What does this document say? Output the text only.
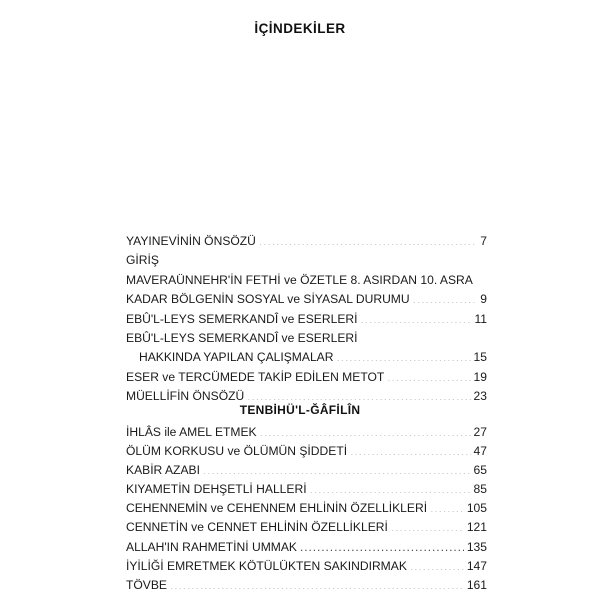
İÇİNDEKİLER
YAYINEVİNİN ÖNSÖZÜ .....	7
GİRİŞ
MAVERAÜNNEHR'İN FETHİ ve ÖZETLE 8. ASIRDAN 10. ASRA
KADAR BÖLGENİN SOSYAL ve SİYASAL DURUMU .....	9
EBÛ'L-LEYS SEMERKANDÎ ve ESERLERİ .....	11
EBÛ'L-LEYS SEMERKANDÎ ve ESERLERİ
HAKKINDA YAPILAN ÇALIŞMALAR .....	15
ESER ve TERCÜMEDE TAKİP EDİLEN METOT .....	19
MÜELLİFİN ÖNSÖZÜ .....	23
TENBİHÜ'L-ĞÂFİLÎN
İHLÂS ile AMEL ETMEK .....	27
ÖLÜM KORKUSU ve ÖLÜMÜN ŞİDDETİ .....	47
KABİR AZABI .....	65
KIYAMETİN DEHŞETLİ HALLERİ .....	85
CEHENNEMİN ve CEHENNEM EHLİNİN ÖZELLİKLERİ .....	105
CENNETİN ve CENNET EHLİNİN ÖZELLİKLERİ .....	121
ALLAH'IN RAHMETİNİ UMMAK .....	135
İYİLİĞİ EMRETMEK KÖTÜLÜKTEN SAKINDIRMAK .....	147
TÖVBE .....	161
